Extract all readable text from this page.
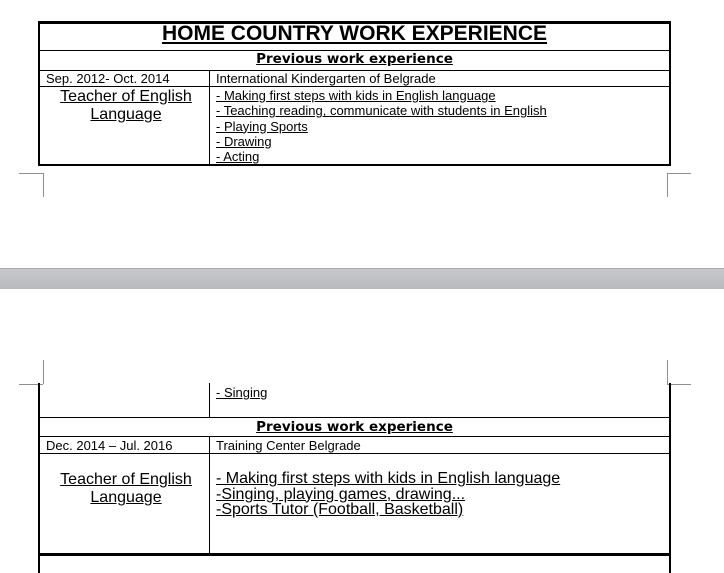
HOME COUNTRY WORK EXPERIENCE
Previous work experience
Sep. 2012- Oct. 2014	International Kindergarten of Belgrade
Teacher of English
Language
- Making first steps with kids in English language
- Teaching reading, communicate with students in English
- Playing Sports
- Drawing
- Acting
- Singing
Previous work experience
Dec. 2014 – Jul. 2016	Training Center Belgrade
Teacher of English
Language
- Making first steps with kids in English language
-Singing, playing games, drawing...
-Sports Tutor (Football, Basketball)
